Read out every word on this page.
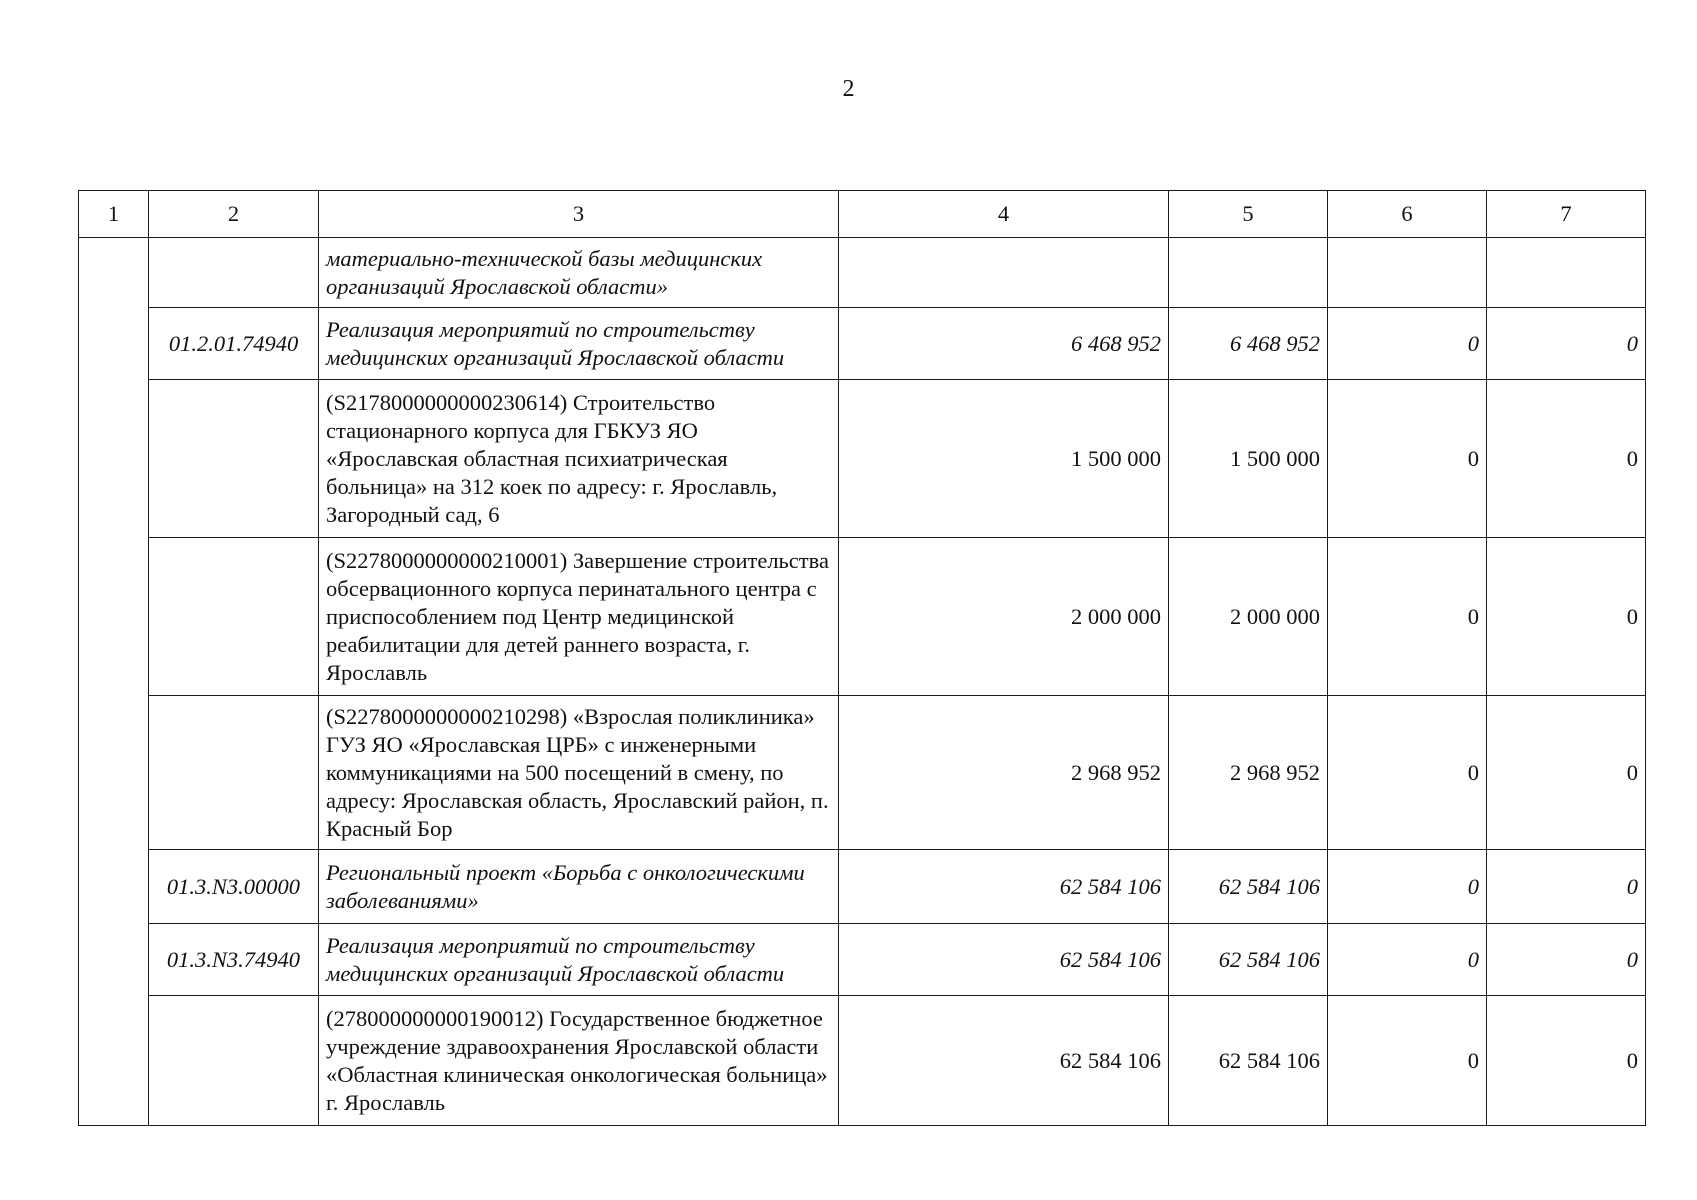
2
1	2	3	4	5	6	7
		материально-технической базы медицинских организаций Ярославской области»				
	01.2.01.74940	Реализация мероприятий по строительству медицинских организаций Ярославской области	6 468 952	6 468 952	0	0
		(S2178000000000230614) Строительство стационарного корпуса для ГБКУЗ ЯО «Ярославская областная психиатрическая больница» на 312 коек по адресу: г. Ярославль, Загородный сад, 6	1 500 000	1 500 000	0	0
		(S2278000000000210001) Завершение строительства обсервационного корпуса перинатального центра с приспособлением под Центр медицинской реабилитации для детей раннего возраста, г. Ярославль	2 000 000	2 000 000	0	0
		(S2278000000000210298) «Взрослая поликлиника» ГУЗ ЯО «Ярославская ЦРБ» с инженерными коммуникациями на 500 посещений в смену, по адресу: Ярославская область, Ярославский район, п. Красный Бор	2 968 952	2 968 952	0	0
	01.3.N3.00000	Региональный проект «Борьба с онкологическими заболеваниями»	62 584 106	62 584 106	0	0
	01.3.N3.74940	Реализация мероприятий по строительству медицинских организаций Ярославской области	62 584 106	62 584 106	0	0
		(278000000000190012) Государственное бюджетное учреждение здравоохранения Ярославской области «Областная клиническая онкологическая больница» г. Ярославль	62 584 106	62 584 106	0	0
